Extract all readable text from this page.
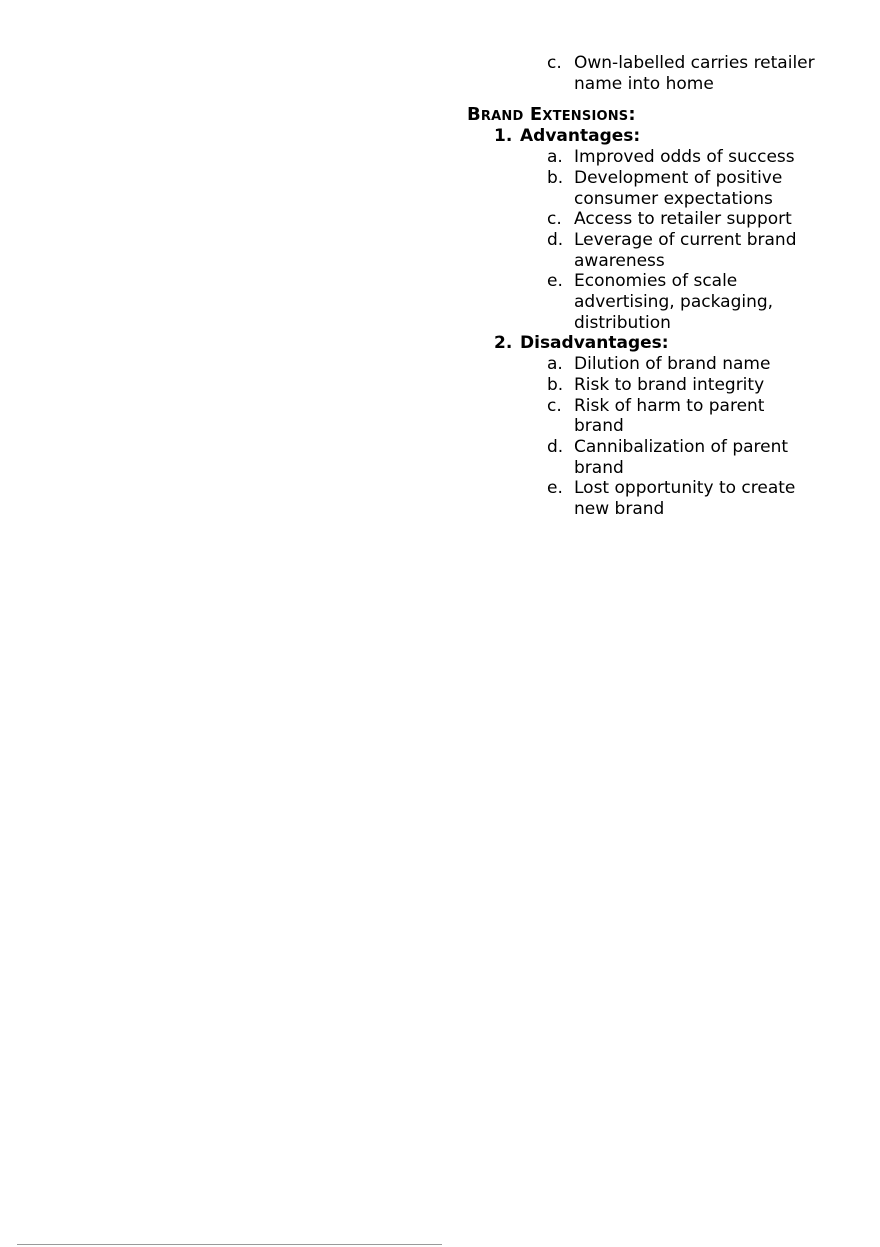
c. Own-labelled carries retailer name into home
Brand Extensions:
1. Advantages:
a. Improved odds of success
b. Development of positive consumer expectations
c. Access to retailer support
d. Leverage of current brand awareness
e. Economies of scale advertising, packaging, distribution
2. Disadvantages:
a. Dilution of brand name
b. Risk to brand integrity
c. Risk of harm to parent brand
d. Cannibalization of parent brand
e. Lost opportunity to create new brand
